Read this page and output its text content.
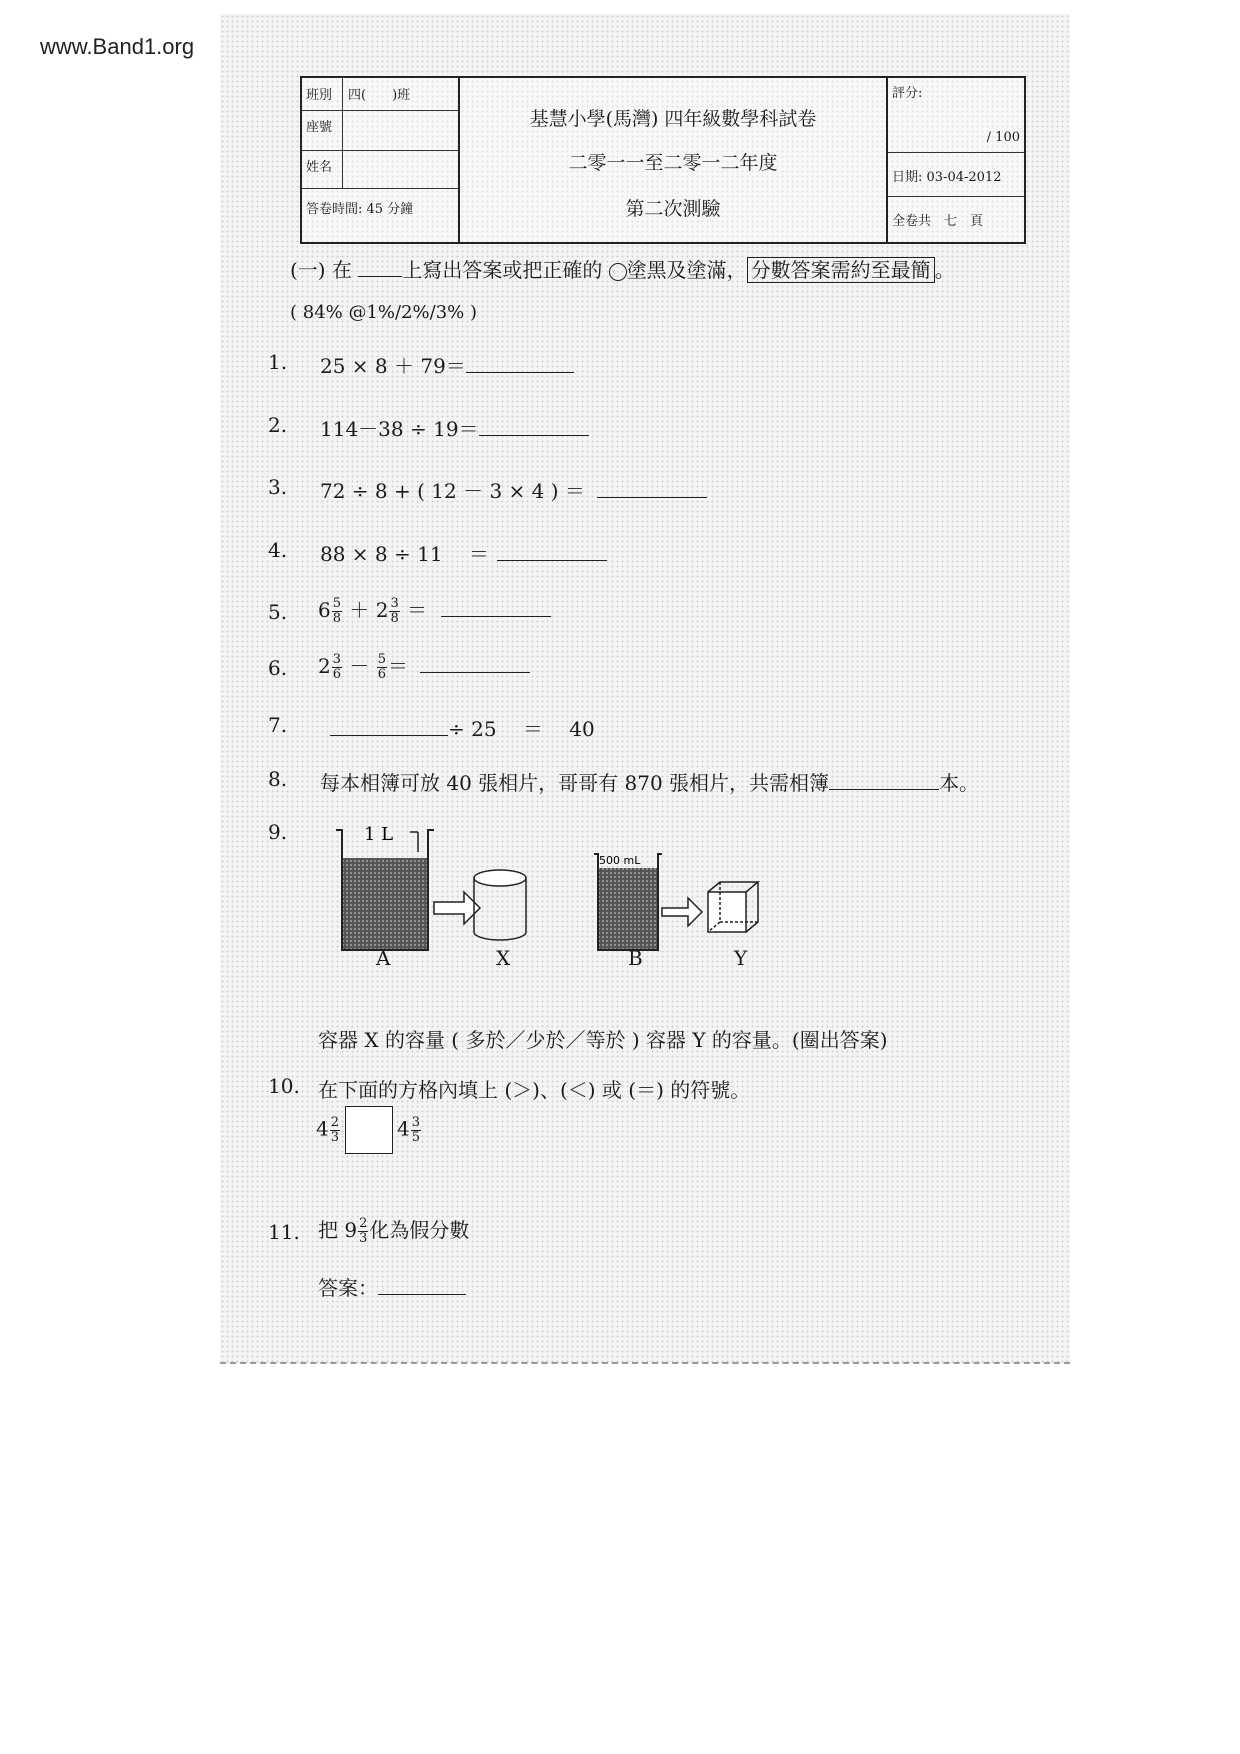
www.Band1.org
班別 四(　　)班
座號
姓名
答卷時間: 45 分鐘
基慧小學(馬灣) 四年級數學科試卷
二零一一至二零一二年度
第二次測驗
評分:
/ 100
日期: 03-04-2012
全卷共　七　頁
(一) 在	上寫出答案或把正確的 塗黑及塗滿， 分數答案需約至最簡 。
( 84% @1%/2%/3% )
1. 25 × 8 ＋ 79＝
2. 114－38 ÷ 19＝
3. 72 ÷ 8 + ( 12 － 3 × 4 ) ＝
4. 88 × 8 ÷ 11 　＝
5. $6 \frac{5}{8} + 2 \frac{3}{8}$ ＝
6. $2 \frac{3}{6} - \frac{5}{6}$ ＝
7.	÷ 25 　＝　 40
8. 每本相簿可放 40 張相片，哥哥有 870 張相片，共需相簿	本。
9.	1 L
500 mL
A	X	B	Y
容器 X 的容量 ( 多於／少於／等於 ) 容器 Y 的容量。(圈出答案)
10. 在下面的方格內填上 (＞)、(＜) 或 (＝) 的符號。
$4 \frac{2}{3}$	$4 \frac{3}{5}$
11. 把 $9 \frac{2}{3}$ 化為假分數
答案：
